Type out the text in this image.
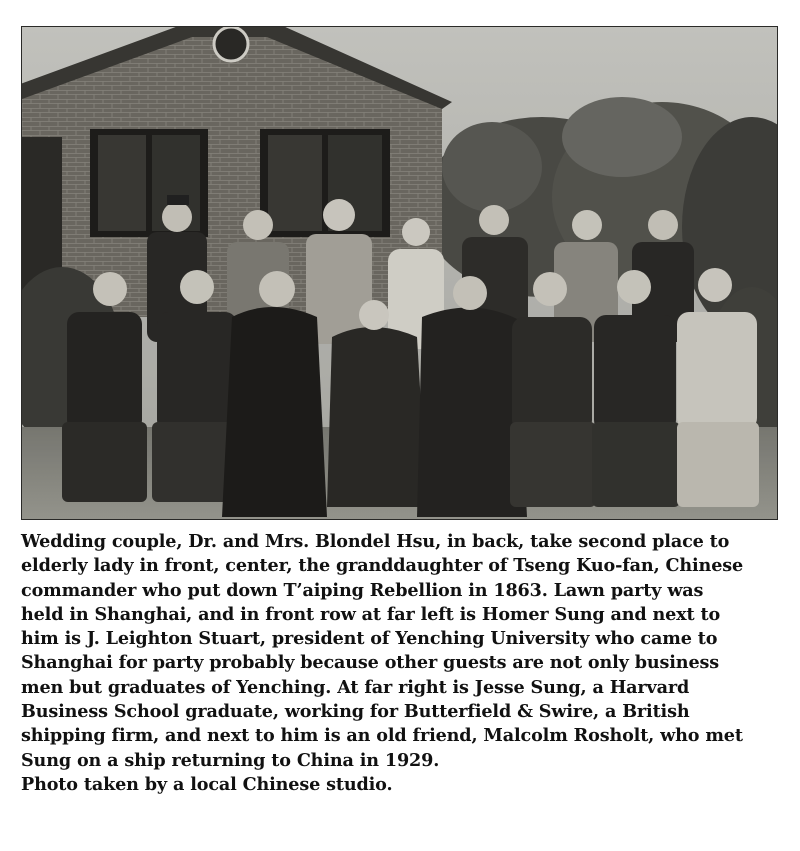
Wedding couple, Dr. and Mrs. Blondel Hsu, in back, take second place to
elderly lady in front, center, the granddaughter of Tseng Kuo-fan, Chinese
commander who put down T’aiping Rebellion in 1863. Lawn party was
held in Shanghai, and in front row at far left is Homer Sung and next to
him is J. Leighton Stuart, president of Yenching University who came to
Shanghai for party probably because other guests are not only business
men but graduates of Yenching. At far right is Jesse Sung, a Harvard
Business School graduate, working for Butterfield & Swire, a British
shipping firm, and next to him is an old friend, Malcolm Rosholt, who met
Sung on a ship returning to China in 1929.
Photo taken by a local Chinese studio.
